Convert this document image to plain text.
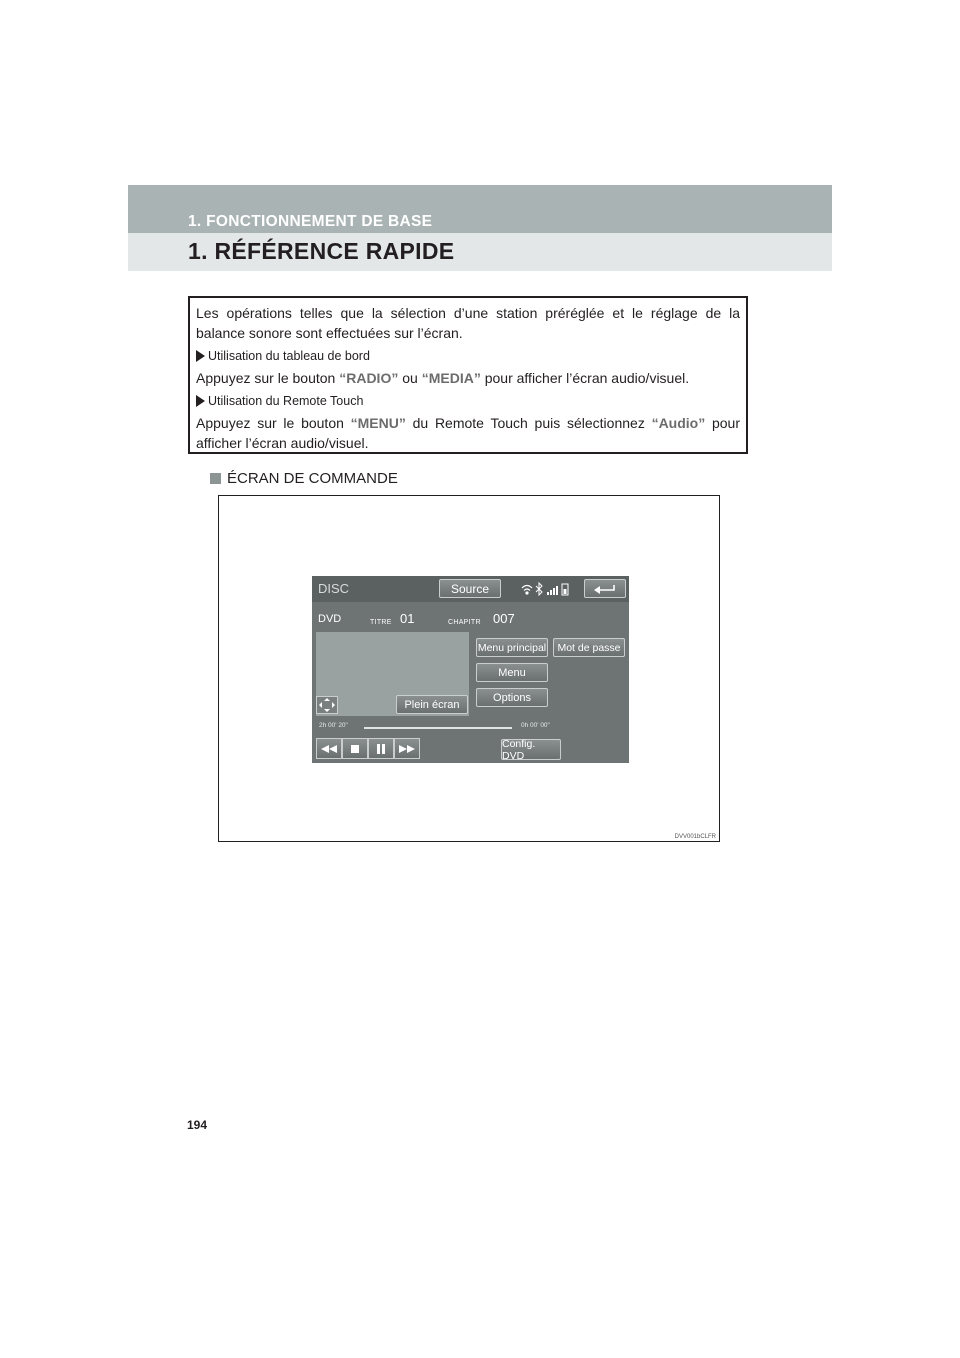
1. FONCTIONNEMENT DE BASE
1. RÉFÉRENCE RAPIDE

Les opérations telles que la sélection d’une station préréglée et le réglage de la

balance sonore sont effectuées sur l’écran.

Utilisation du tableau de bord

Appuyez sur le bouton “RADIO” ou “MEDIA” pour afficher l’écran audio/visuel.

Utilisation du Remote Touch

Appuyez sur le bouton “MENU” du Remote Touch puis sélectionnez “Audio” pour

afficher l’écran audio/visuel.

ÉCRAN DE COMMANDE
DISC	Source
DVD	TITRE 01	CHAPITR 007
Menu principal	Mot de passe
Menu
Options
Plein écran
2h 00' 20"	0h 00' 00"
Config. DVD
DVV001bCLFR
194
